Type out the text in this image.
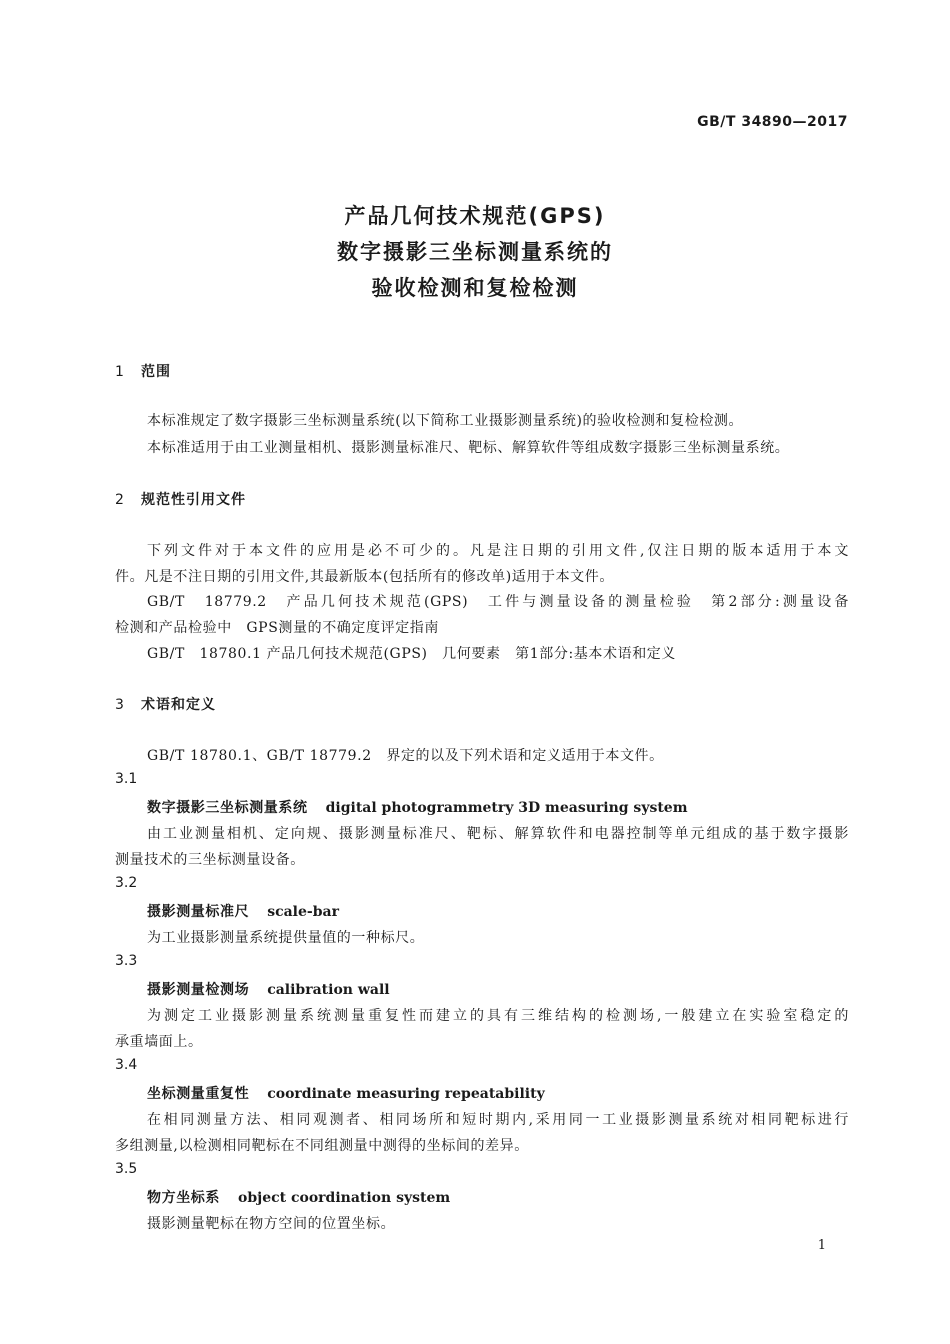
GB/T 34890—2017
产品几何技术规范(GPS)
数字摄影三坐标测量系统的
验收检测和复检检测
1 范围
本标准规定了数字摄影三坐标测量系统(以下简称工业摄影测量系统)的验收检测和复检检测。
本标准适用于由工业测量相机、摄影测量标准尺、靶标、解算软件等组成数字摄影三坐标测量系统。
2 规范性引用文件
下列文件对于本文件的应用是必不可少的。凡是注日期的引用文件,仅注日期的版本适用于本文
件。凡是不注日期的引用文件,其最新版本(包括所有的修改单)适用于本文件。
GB/T　18779.2　产品几何技术规范(GPS)　工件与测量设备的测量检验　第2部分:测量设备
检测和产品检验中　GPS测量的不确定度评定指南
GB/T　18780.1 产品几何技术规范(GPS)　几何要素　第1部分:基本术语和定义
3 术语和定义
GB/T 18780.1、GB/T 18779.2　界定的以及下列术语和定义适用于本文件。
3.1
数字摄影三坐标测量系统 digital photogrammetry 3D measuring system
由工业测量相机、定向规、摄影测量标准尺、靶标、解算软件和电器控制等单元组成的基于数字摄影
测量技术的三坐标测量设备。
3.2
摄影测量标准尺 scale-bar
为工业摄影测量系统提供量值的一种标尺。
3.3
摄影测量检测场 calibration wall
为测定工业摄影测量系统测量重复性而建立的具有三维结构的检测场,一般建立在实验室稳定的
承重墙面上。
3.4
坐标测量重复性 coordinate measuring repeatability
在相同测量方法、相同观测者、相同场所和短时期内,采用同一工业摄影测量系统对相同靶标进行
多组测量,以检测相同靶标在不同组测量中测得的坐标间的差异。
3.5
物方坐标系 object coordination system
摄影测量靶标在物方空间的位置坐标。
1
